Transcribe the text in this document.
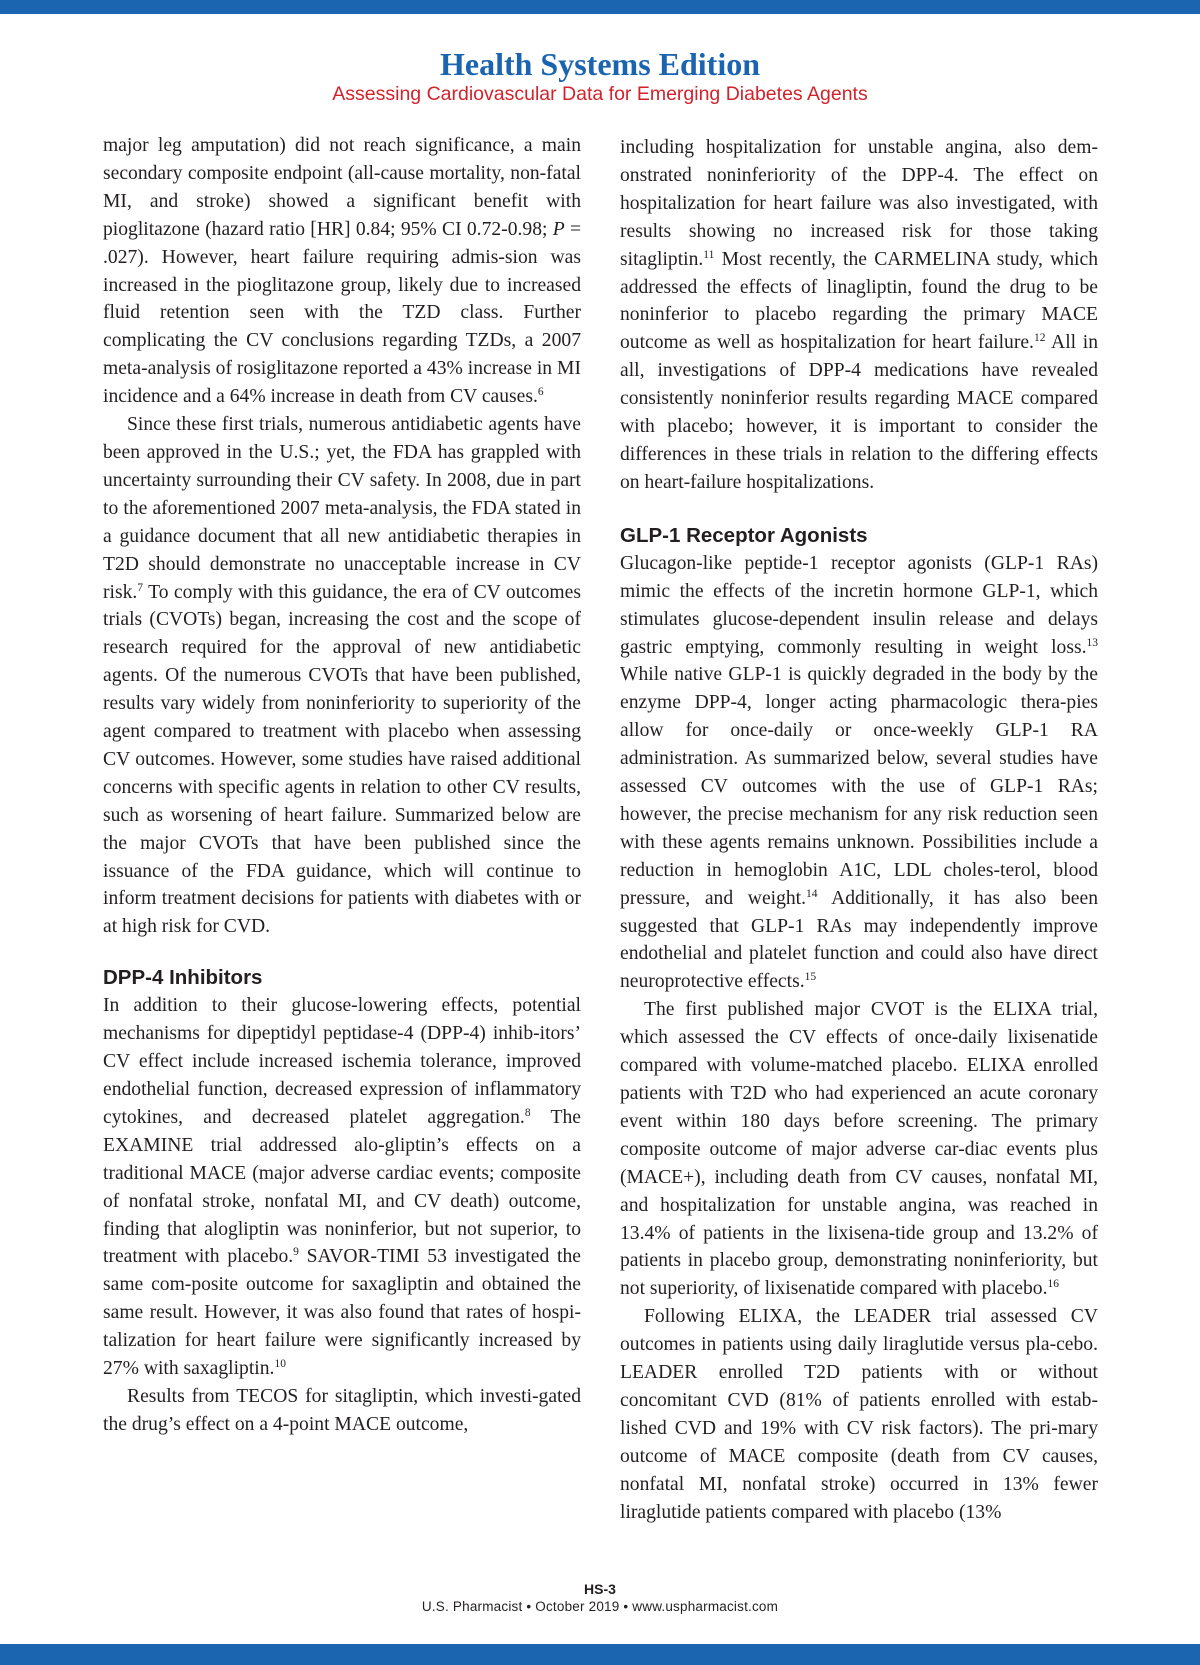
Health Systems Edition
Assessing Cardiovascular Data for Emerging Diabetes Agents

major leg amputation) did not reach significance, a main secondary composite endpoint (all-cause mortality, non-fatal MI, and stroke) showed a significant benefit with pioglitazone (hazard ratio [HR] 0.84; 95% CI 0.72-0.98; P = .027). However, heart failure requiring admis-sion was increased in the pioglitazone group, likely due to increased fluid retention seen with the TZD class. Further complicating the CV conclusions regarding TZDs, a 2007 meta-analysis of rosiglitazone reported a 43% increase in MI incidence and a 64% increase in death from CV causes.$^6$

Since these first trials, numerous antidiabetic agents have been approved in the U.S.; yet, the FDA has grappled with uncertainty surrounding their CV safety. In 2008, due in part to the aforementioned 2007 meta-analysis, the FDA stated in a guidance document that all new antidiabetic therapies in T2D should demonstrate no unacceptable increase in CV risk.$^7$ To comply with this guidance, the era of CV outcomes trials (CVOTs) began, increasing the cost and the scope of research required for the approval of new antidiabetic agents. Of the numerous CVOTs that have been published, results vary widely from noninferiority to superiority of the agent compared to treatment with placebo when assessing CV outcomes. However, some studies have raised additional concerns with specific agents in relation to other CV results, such as worsening of heart failure. Summarized below are the major CVOTs that have been published since the issuance of the FDA guidance, which will continue to inform treatment decisions for patients with diabetes with or at high risk for CVD.

DPP-4 Inhibitors

In addition to their glucose-lowering effects, potential mechanisms for dipeptidyl peptidase-4 (DPP-4) inhib-itors’ CV effect include increased ischemia tolerance, improved endothelial function, decreased expression of inflammatory cytokines, and decreased platelet aggregation.$^8$ The EXAMINE trial addressed alo-gliptin’s effects on a traditional MACE (major adverse cardiac events; composite of nonfatal stroke, nonfatal MI, and CV death) outcome, finding that alogliptin was noninferior, but not superior, to treatment with placebo.$^9$ SAVOR-TIMI 53 investigated the same com-posite outcome for saxagliptin and obtained the same result. However, it was also found that rates of hospi-talization for heart failure were significantly increased by 27% with saxagliptin.$^{10}$

Results from TECOS for sitagliptin, which investi-gated the drug’s effect on a 4-point MACE outcome,

including hospitalization for unstable angina, also dem-onstrated noninferiority of the DPP-4. The effect on hospitalization for heart failure was also investigated, with results showing no increased risk for those taking sitagliptin.$^{11}$ Most recently, the CARMELINA study, which addressed the effects of linagliptin, found the drug to be noninferior to placebo regarding the primary MACE outcome as well as hospitalization for heart failure.$^{12}$ All in all, investigations of DPP-4 medications have revealed consistently noninferior results regarding MACE compared with placebo; however, it is important to consider the differences in these trials in relation to the differing effects on heart-failure hospitalizations.

GLP-1 Receptor Agonists

Glucagon-like peptide-1 receptor agonists (GLP-1 RAs) mimic the effects of the incretin hormone GLP-1, which stimulates glucose-dependent insulin release and delays gastric emptying, commonly resulting in weight loss.$^{13}$ While native GLP-1 is quickly degraded in the body by the enzyme DPP-4, longer acting pharmacologic thera-pies allow for once-daily or once-weekly GLP-1 RA administration. As summarized below, several studies have assessed CV outcomes with the use of GLP-1 RAs; however, the precise mechanism for any risk reduction seen with these agents remains unknown. Possibilities include a reduction in hemoglobin A1C, LDL choles-terol, blood pressure, and weight.$^{14}$ Additionally, it has also been suggested that GLP-1 RAs may independently improve endothelial and platelet function and could also have direct neuroprotective effects.$^{15}$

The first published major CVOT is the ELIXA trial, which assessed the CV effects of once-daily lixisenatide compared with volume-matched placebo. ELIXA enrolled patients with T2D who had experienced an acute coronary event within 180 days before screening. The primary composite outcome of major adverse car-diac events plus (MACE+), including death from CV causes, nonfatal MI, and hospitalization for unstable angina, was reached in 13.4% of patients in the lixisena-tide group and 13.2% of patients in placebo group, demonstrating noninferiority, but not superiority, of lixisenatide compared with placebo.$^{16}$

Following ELIXA, the LEADER trial assessed CV outcomes in patients using daily liraglutide versus pla-cebo. LEADER enrolled T2D patients with or without concomitant CVD (81% of patients enrolled with estab-lished CVD and 19% with CV risk factors). The pri-mary outcome of MACE composite (death from CV causes, nonfatal MI, nonfatal stroke) occurred in 13% fewer liraglutide patients compared with placebo (13%

HS-3
U.S. Pharmacist • October 2019 • www.uspharmacist.com
